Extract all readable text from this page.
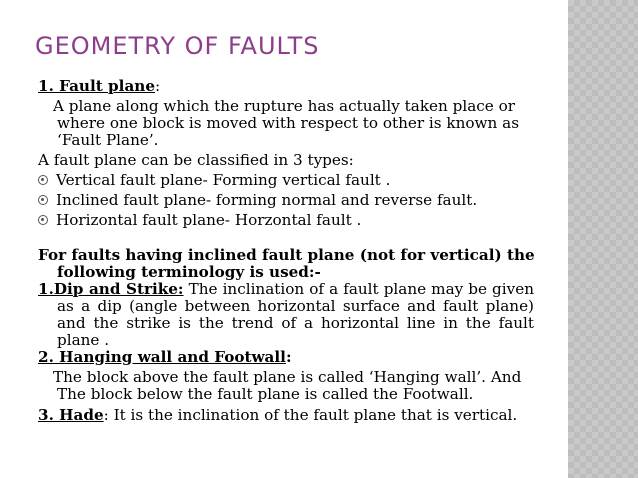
GEOMETRY OF FAULTS
1. Fault plane:
A plane along which the rupture has actually taken place or
where one block is moved with respect to other is known as
‘Fault Plane’.
A fault plane can be classified in 3 types:
Vertical fault plane- Forming vertical fault .
Inclined fault plane- forming normal and reverse fault.
Horizontal fault plane- Horzontal fault .
For faults having inclined fault plane (not for vertical) the
following terminology is used:-
1.Dip and Strike: The inclination of a fault plane may be given
as a dip (angle between horizontal surface and fault plane)
and the strike is the trend of a horizontal line in the fault
plane .
2. Hanging wall and Footwall:
The block above the fault plane is called ‘Hanging wall’. And
The block below the fault plane is called the Footwall.
3. Hade: It is the inclination of the fault plane that is vertical.
